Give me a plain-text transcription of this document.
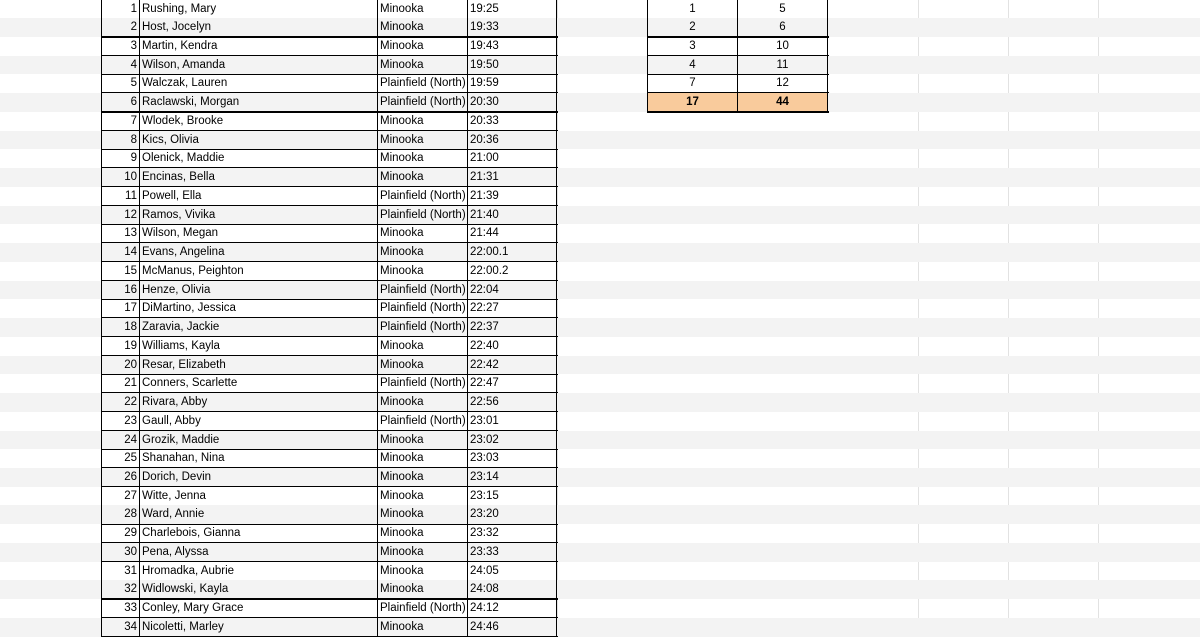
1 Rushing, Mary	Minooka	19:25	1	5
2 Host, Jocelyn	Minooka	19:33	2	6
3 Martin, Kendra	Minooka	19:43	3	10
4 Wilson, Amanda	Minooka	19:50	4	11
5 Walczak, Lauren	Plainfield (North) 19:59	7	12
6 Raclawski, Morgan	Plainfield (North) 20:30	17	44
7 Wlodek, Brooke	Minooka	20:33
8 Kics, Olivia	Minooka	20:36
9 Olenick, Maddie	Minooka	21:00
10 Encinas, Bella	Minooka	21:31
11 Powell, Ella	Plainfield (North) 21:39
12 Ramos, Vivika	Plainfield (North) 21:40
13 Wilson, Megan	Minooka	21:44
14 Evans, Angelina	Minooka	22:00.1
15 McManus, Peighton	Minooka	22:00.2
16 Henze, Olivia	Plainfield (North) 22:04
17 DiMartino, Jessica	Plainfield (North) 22:27
18 Zaravia, Jackie	Plainfield (North) 22:37
19 Williams, Kayla	Minooka	22:40
20 Resar, Elizabeth	Minooka	22:42
21 Conners, Scarlette	Plainfield (North) 22:47
22 Rivara, Abby	Minooka	22:56
23 Gaull, Abby	Plainfield (North) 23:01
24 Grozik, Maddie	Minooka	23:02
25 Shanahan, Nina	Minooka	23:03
26 Dorich, Devin	Minooka	23:14
27 Witte, Jenna	Minooka	23:15
28 Ward, Annie	Minooka	23:20
29 Charlebois, Gianna	Minooka	23:32
30 Pena, Alyssa	Minooka	23:33
31 Hromadka, Aubrie	Minooka	24:05
32 Widlowski, Kayla	Minooka	24:08
33 Conley, Mary Grace	Plainfield (North) 24:12
34 Nicoletti, Marley	Minooka	24:46
